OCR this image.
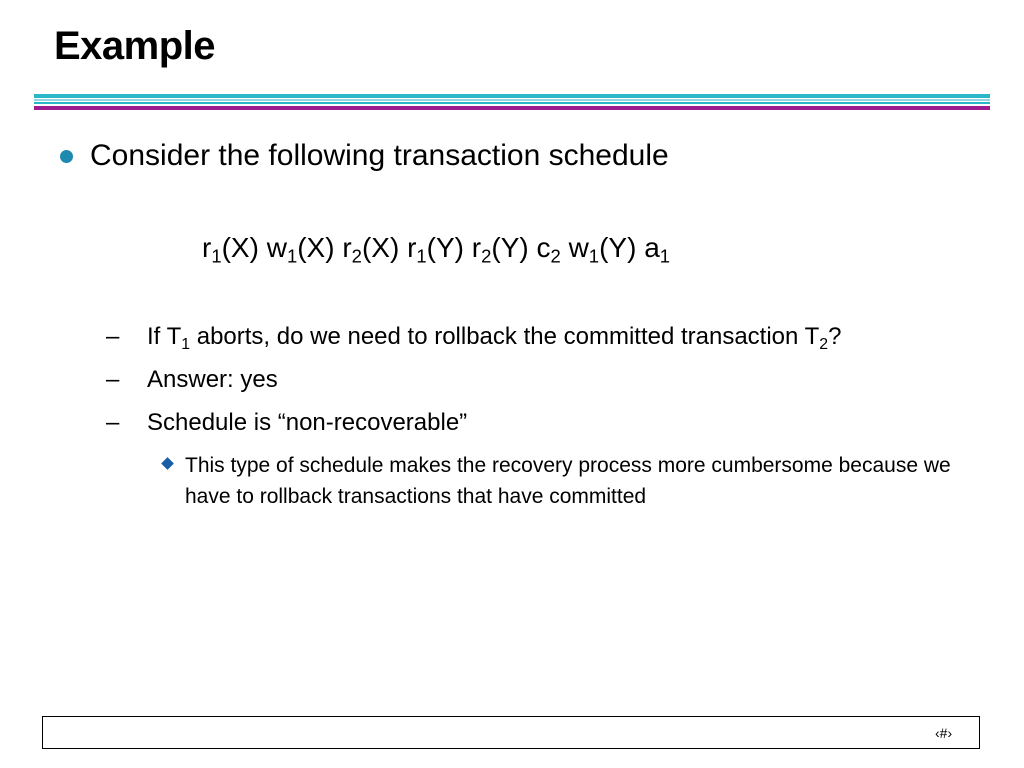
Example
Consider the following transaction schedule
$r_1(X)$ $w_1(X)$ $r_2(X)$ $r_1(Y)$ $r_2(Y)$ $c_2$ $w_1(Y)$ $a_1$
– If $T_1$ aborts, do we need to rollback the committed transaction $T_2$?
– Answer: yes
– Schedule is “non-recoverable”
This type of schedule makes the recovery process more cumbersome because we have to rollback transactions that have committed
‹#›
